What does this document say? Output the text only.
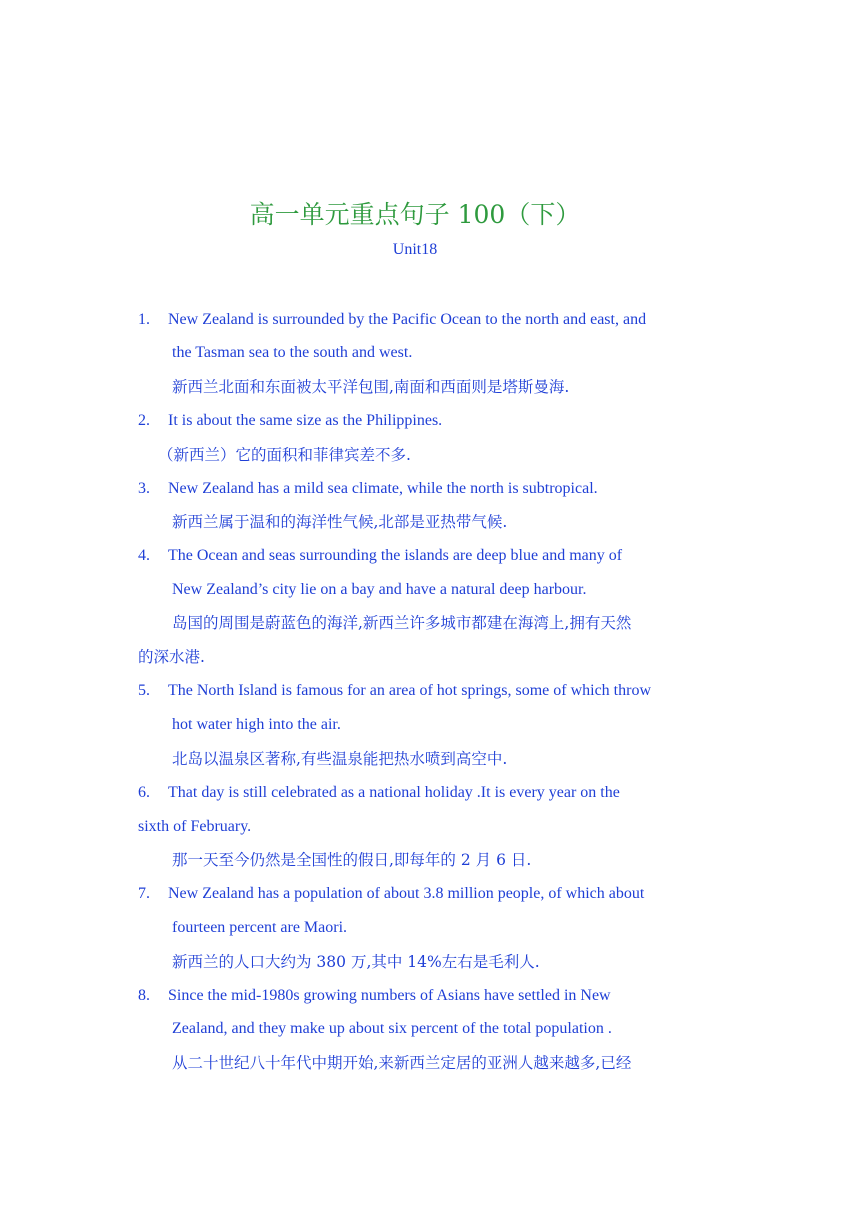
高一单元重点句子 100（下）
Unit18
1. New Zealand is surrounded by the Pacific Ocean to the north and east, and
the Tasman sea to the south and west.
新西兰北面和东面被太平洋包围,南面和西面则是塔斯曼海.
2. It is about the same size as the Philippines.
（新西兰）它的面积和菲律宾差不多.
3. New Zealand has a mild sea climate, while the north is subtropical.
新西兰属于温和的海洋性气候,北部是亚热带气候.
4. The Ocean and seas surrounding the islands are deep blue and many of
New Zealand’s city lie on a bay and have a natural deep harbour.
岛国的周围是蔚蓝色的海洋,新西兰许多城市都建在海湾上,拥有天然
的深水港.
5. The North Island is famous for an area of hot springs, some of which throw
hot water high into the air.
北岛以温泉区著称,有些温泉能把热水喷到高空中.
6. That day is still celebrated as a national holiday .It is every year on the
sixth of February.
那一天至今仍然是全国性的假日,即每年的 2 月 6 日.
7. New Zealand has a population of about 3.8 million people, of which about
fourteen percent are Maori.
新西兰的人口大约为 380 万,其中 14%左右是毛利人.
8. Since the mid-1980s growing numbers of Asians have settled in New
Zealand, and they make up about six percent of the total population .
从二十世纪八十年代中期开始,来新西兰定居的亚洲人越来越多,已经
